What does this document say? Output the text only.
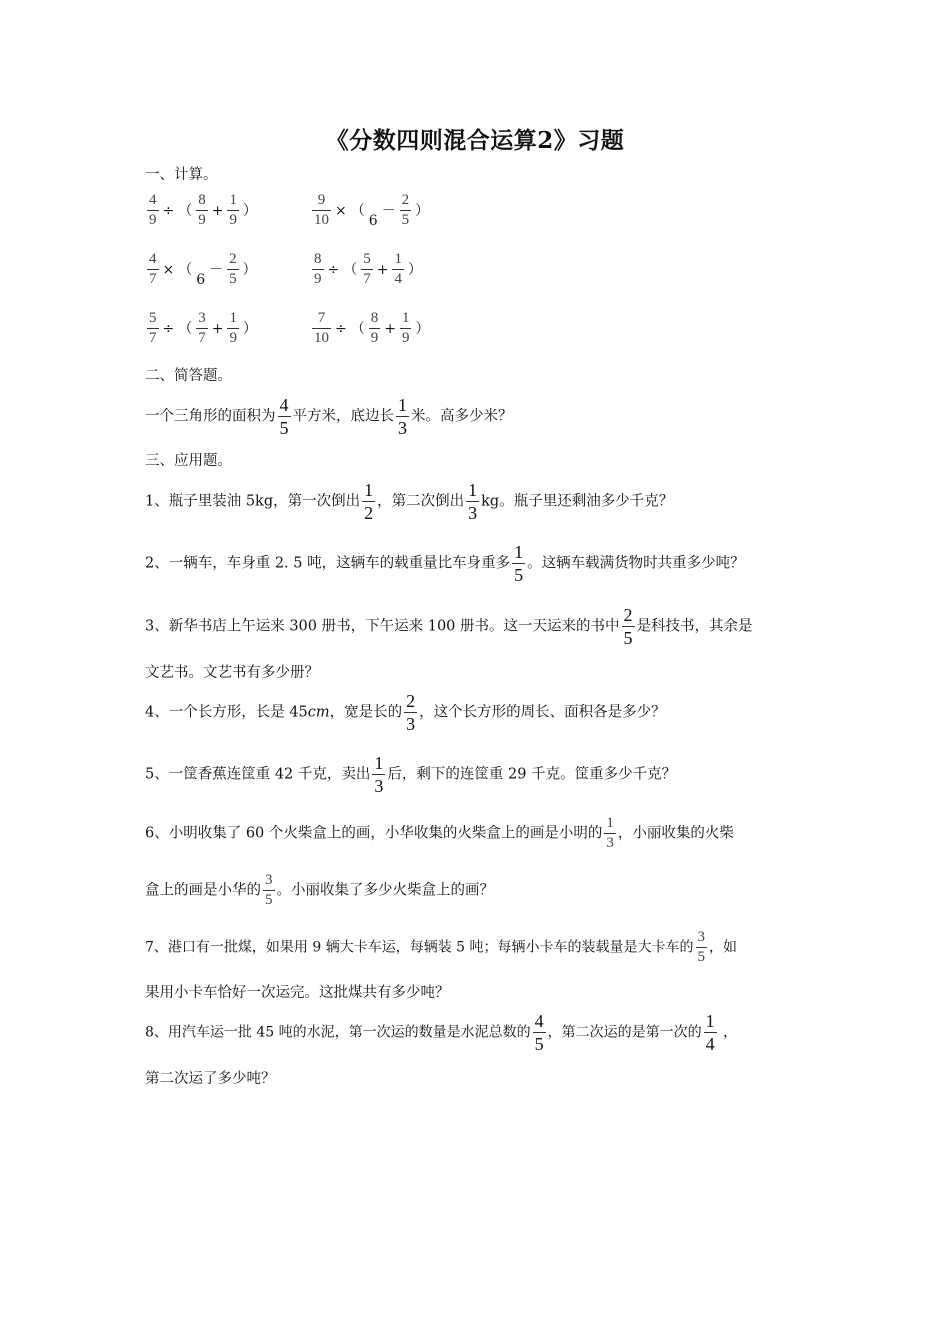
《分数四则混合运算2》习题
一、计算。
$\frac{4}{9}$ ÷ （ $\frac{8}{9} + \frac{1}{9}$ ）	$\frac{9}{10} \times (6- \frac{2}{5}$ ）
$\frac{4}{7} \times (6- \frac{2}{5}$ ）	$\frac{8}{9}$ ÷ （ $\frac{5}{7} + \frac{1}{4}$ ）
$\frac{5}{7}$ ÷ （ $\frac{3}{7} + \frac{1}{9}$ ）	$\frac{7}{10}$ ÷ （ $\frac{8}{9} + \frac{1}{9}$ ）
二、简答题。
一个三角形的面积为 $\frac{4}{5}$ 平方米，底边长 $\frac{1}{3}$ 米。高多少米？
三、应用题。
1、瓶子里装油 5kg，第一次倒出 $\frac{1}{2}$ ，第二次倒出 $\frac{1}{3}$ kg。瓶子里还剩油多少千克？
2、一辆车，车身重 2. 5 吨，这辆车的载重量比车身重多 $\frac{1}{5}$ 。这辆车载满货物时共重多少吨？
3、新华书店上午运来 300 册书，下午运来 100 册书。这一天运来的书中 $\frac{2}{5}$ 是科技书，其余是
文艺书。文艺书有多少册？
4、一个长方形，长是 45cm，宽是长的 $\frac{2}{3}$ ，这个长方形的周长、面积各是多少？
5、一筐香蕉连筐重 42 千克，卖出 $\frac{1}{3}$ 后，剩下的连筐重 29 千克。筐重多少千克？
6、小明收集了 60 个火柴盒上的画，小华收集的火柴盒上的画是小明的 $\frac{1}{3}$ ，小丽收集的火柴
盒上的画是小华的 $\frac{3}{5}$ 。小丽收集了多少火柴盒上的画？
7、港口有一批煤，如果用 9 辆大卡车运，每辆装 5 吨；每辆小卡车的装载量是大卡车的 $\frac{3}{5}$ ，如
果用小卡车恰好一次运完。这批煤共有多少吨？
8、用汽车运一批 45 吨的水泥，第一次运的数量是水泥总数的 $\frac{4}{5}$ ，第二次运的是第一次的 $\frac{1}{4}$ ，
第二次运了多少吨？
